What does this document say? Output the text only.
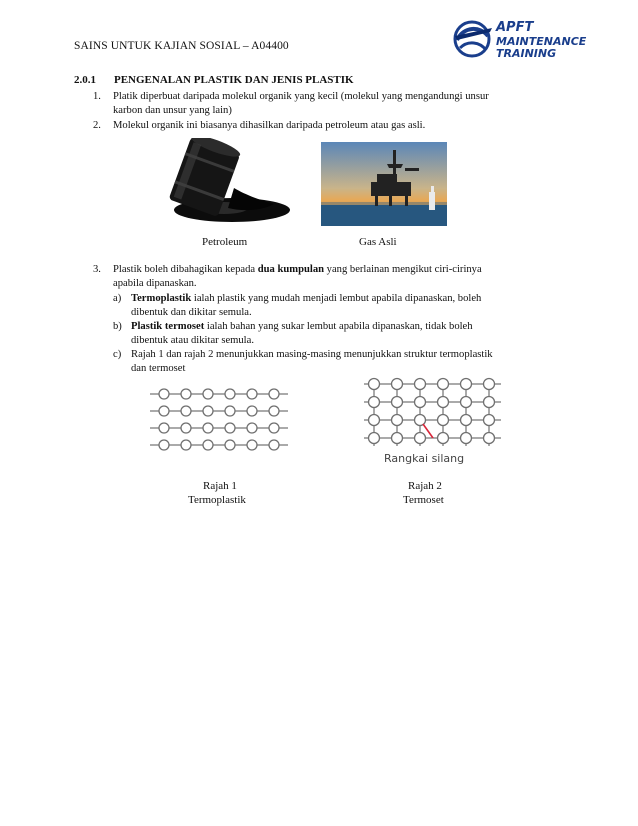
SAINS UNTUK KAJIAN SOSIAL – A04400
APFT
MAINTENANCE
TRAINING
2.0.1 PENGENALAN PLASTIK DAN JENIS PLASTIK
1. Platik diperbuat daripada molekul organik yang kecil (molekul yang mengandungi unsur
karbon dan unsur yang lain)
2. Molekul organik ini biasanya dihasilkan daripada petroleum atau gas asli.
Petroleum	Gas Asli
3. Plastik boleh dibahagikan kepada dua kumpulan yang berlainan mengikut ciri-cirinya
apabila dipanaskan.
a) Termoplastik ialah plastik yang mudah menjadi lembut apabila dipanaskan, boleh
dibentuk dan dikitar semula.
b) Plastik termoset ialah bahan yang sukar lembut apabila dipanaskan, tidak boleh
dibentuk atau dikitar semula.
c) Rajah 1 dan rajah 2 menunjukkan masing-masing menunjukkan struktur termoplastik
dan termoset
Rangkai silang
Rajah 1
Termoplastik
Rajah 2
Termoset
